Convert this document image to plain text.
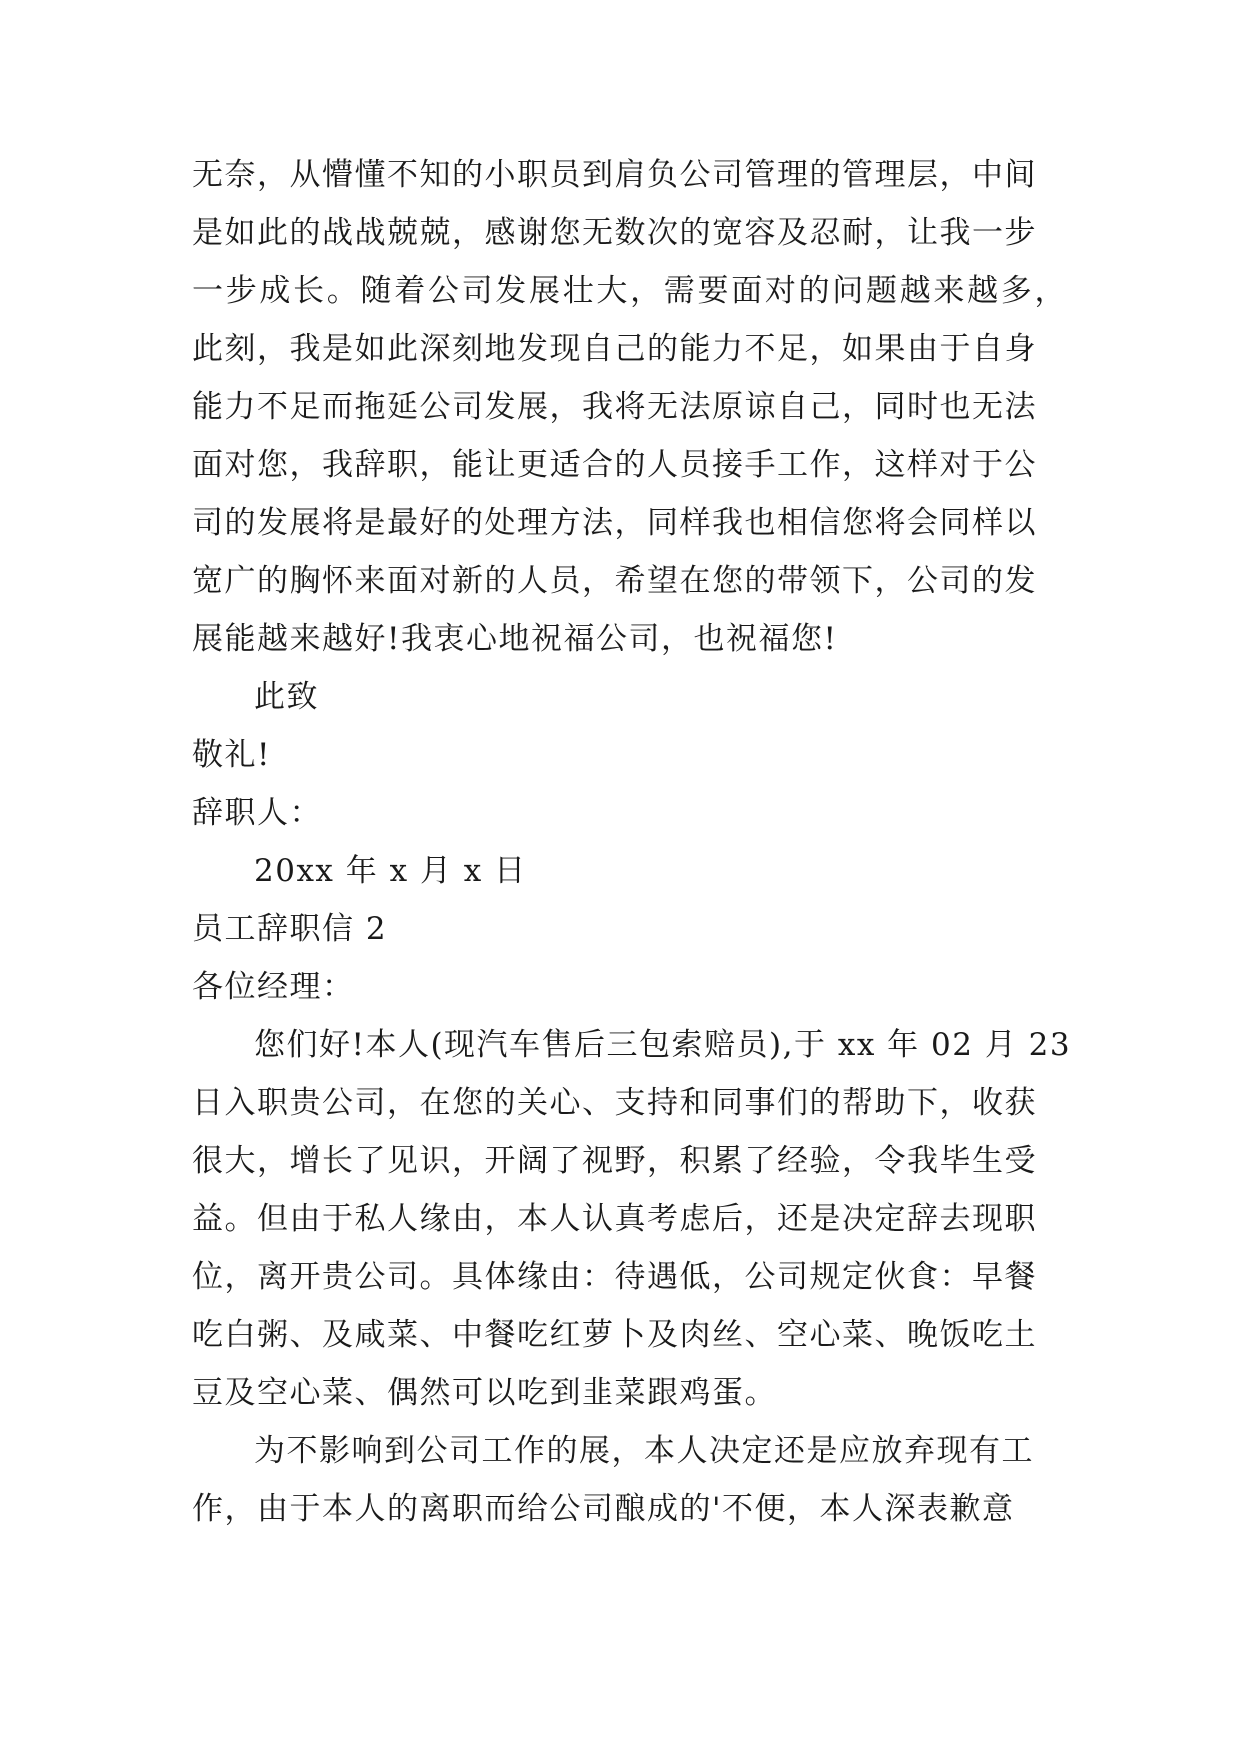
无奈，从懵懂不知的小职员到肩负公司管理的管理层，中间
是如此的战战兢兢，感谢您无数次的宽容及忍耐，让我一步
一步成长。随着公司发展壮大，需要面对的问题越来越多，
此刻，我是如此深刻地发现自己的能力不足，如果由于自身
能力不足而拖延公司发展，我将无法原谅自己，同时也无法
面对您，我辞职，能让更适合的人员接手工作，这样对于公
司的发展将是最好的处理方法，同样我也相信您将会同样以
宽广的胸怀来面对新的人员，希望在您的带领下，公司的发
展能越来越好!我衷心地祝福公司，也祝福您!
此致
敬礼!
辞职人：
20xx 年 x 月 x 日
员工辞职信 2
各位经理：
您们好!本人(现汽车售后三包索赔员),于 xx 年 02 月 23
日入职贵公司，在您的关心、支持和同事们的帮助下，收获
很大，增长了见识，开阔了视野，积累了经验，令我毕生受
益。但由于私人缘由，本人认真考虑后，还是决定辞去现职
位，离开贵公司。具体缘由：待遇低，公司规定伙食：早餐
吃白粥、及咸菜、中餐吃红萝卜及肉丝、空心菜、晚饭吃土
豆及空心菜、偶然可以吃到韭菜跟鸡蛋。
为不影响到公司工作的展，本人决定还是应放弃现有工
作，由于本人的离职而给公司酿成的'不便，本人深表歉意
